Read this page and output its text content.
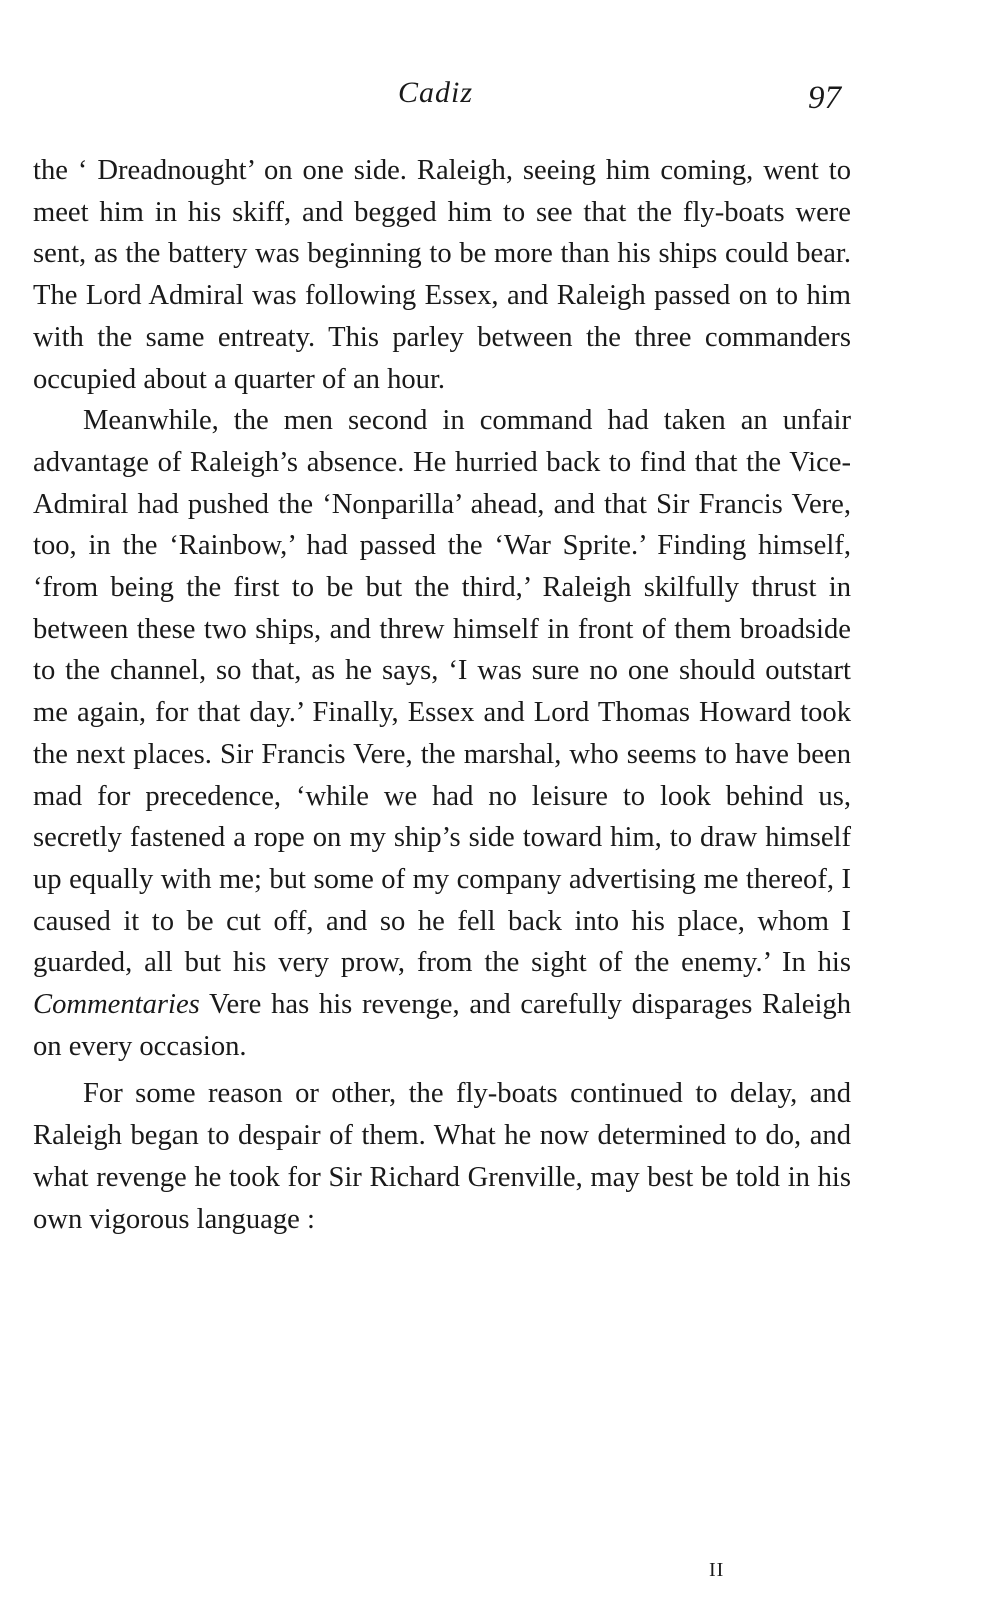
Cadiz	97

the ‘ Dreadnought’ on one side. Raleigh, seeing him coming, went to meet him in his skiff, and begged him to see that the fly-boats were sent, as the battery was beginning to be more than his ships could bear. The Lord Admiral was following Essex, and Raleigh passed on to him with the same entreaty. This parley between the three commanders occupied about a quarter of an hour.

Meanwhile, the men second in command had taken an unfair advantage of Raleigh’s absence. He hurried back to find that the Vice-Admiral had pushed the ‘Nonparilla’ ahead, and that Sir Francis Vere, too, in the ‘Rainbow,’ had passed the ‘War Sprite.’ Finding himself, ‘from being the first to be but the third,’ Raleigh skilfully thrust in between these two ships, and threw himself in front of them broadside to the channel, so that, as he says, ‘I was sure no one should outstart me again, for that day.’ Finally, Essex and Lord Thomas Howard took the next places. Sir Francis Vere, the marshal, who seems to have been mad for precedence, ‘while we had no leisure to look behind us, secretly fastened a rope on my ship’s side toward him, to draw himself up equally with me; but some of my company advertising me thereof, I caused it to be cut off, and so he fell back into his place, whom I guarded, all but his very prow, from the sight of the enemy.’ In his Commentaries Vere has his revenge, and carefully disparages Raleigh on every occasion.

For some reason or other, the fly-boats continued to delay, and Raleigh began to despair of them. What he now determined to do, and what revenge he took for Sir Richard Grenville, may best be told in his own vigorous language :

II
